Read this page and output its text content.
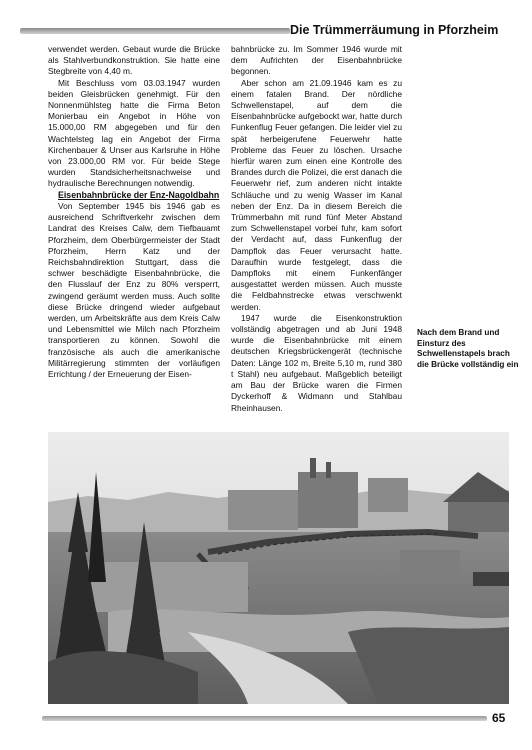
Die Trümmerräumung in Pforzheim

verwendet werden. Gebaut wurde die Brücke als Stahlverbundkonstruktion. Sie hatte eine Stegbreite von 4,40 m.

Mit Beschluss vom 03.03.1947 wurden beiden Gleisbrücken genehmigt. Für den Nonnenmühlsteg hatte die Firma Beton Monierbau ein Angebot in Höhe von 15.000,00 RM abgegeben und für den Wachtelsteg lag ein Angebot der Firma Kirchenbauer & Unser aus Karlsruhe in Höhe von 23.000,00 RM vor. Für beide Stege wurden Standsicherheitsnachweise und hydraulische Berechnungen notwendig.

Eisenbahnbrücke der Enz-Nagoldbahn

Von September 1945 bis 1946 gab es ausreichend Schriftverkehr zwischen dem Landrat des Kreises Calw, dem Tiefbauamt Pforzheim, dem Oberbürgermeister der Stadt Pforzheim, Herrn Katz und der Reichsbahndirektion Stuttgart, dass die schwer beschädigte Eisenbahnbrücke, die den Flusslauf der Enz zu 80% versperrt, zwingend geräumt werden muss. Auch sollte diese Brücke dringend wieder aufgebaut werden, um Arbeitskräfte aus dem Kreis Calw und Lebensmittel wie Milch nach Pforzheim transportieren zu können. Sowohl die französische als auch die amerikanische Militärregierung stimmten der vorläufigen Errichtung / der Erneuerung der Eisen-

bahnbrücke zu. Im Sommer 1946 wurde mit dem Aufrichten der Eisenbahnbrücke begonnen.

Aber schon am 21.09.1946 kam es zu einem fatalen Brand. Der nördliche Schwellenstapel, auf dem die Eisenbahnbrücke aufgebockt war, hatte durch Funkenflug Feuer gefangen. Die leider viel zu spät herbeigerufene Feuerwehr hatte Probleme das Feuer zu löschen. Ursache hierfür waren zum einen eine Kontrolle des Brandes durch die Polizei, die erst danach die Feuerwehr rief, zum anderen nicht intakte Schläuche und zu wenig Wasser im Kanal neben der Enz. Da in diesem Bereich die Trümmerbahn mit rund fünf Meter Abstand zum Schwellenstapel vorbei fuhr, kam sofort der Verdacht auf, dass Funkenflug der Dampflok das Feuer verursacht hatte. Daraufhin wurde festgelegt, dass die Dampfloks mit einem Funkenfänger ausgestattet werden müssen. Auch musste die Feldbahnstrecke etwas verschwenkt werden.

1947 wurde die Eisenkonstruktion vollständig abgetragen und ab Juni 1948 wurde die Eisenbahnbrücke mit einem deutschen Kriegsbrückengerät (technische Daten: Länge 102 m, Breite 5,10 m, rund 380 t Stahl) neu aufgebaut. Maßgeblich beteiligt am Bau der Brücke waren die Firmen Dyckerhoff & Widmann und Stahlbau Rheinhausen.

Nach dem Brand und Einsturz des Schwellenstapels brach die Brücke vollständig ein
65
